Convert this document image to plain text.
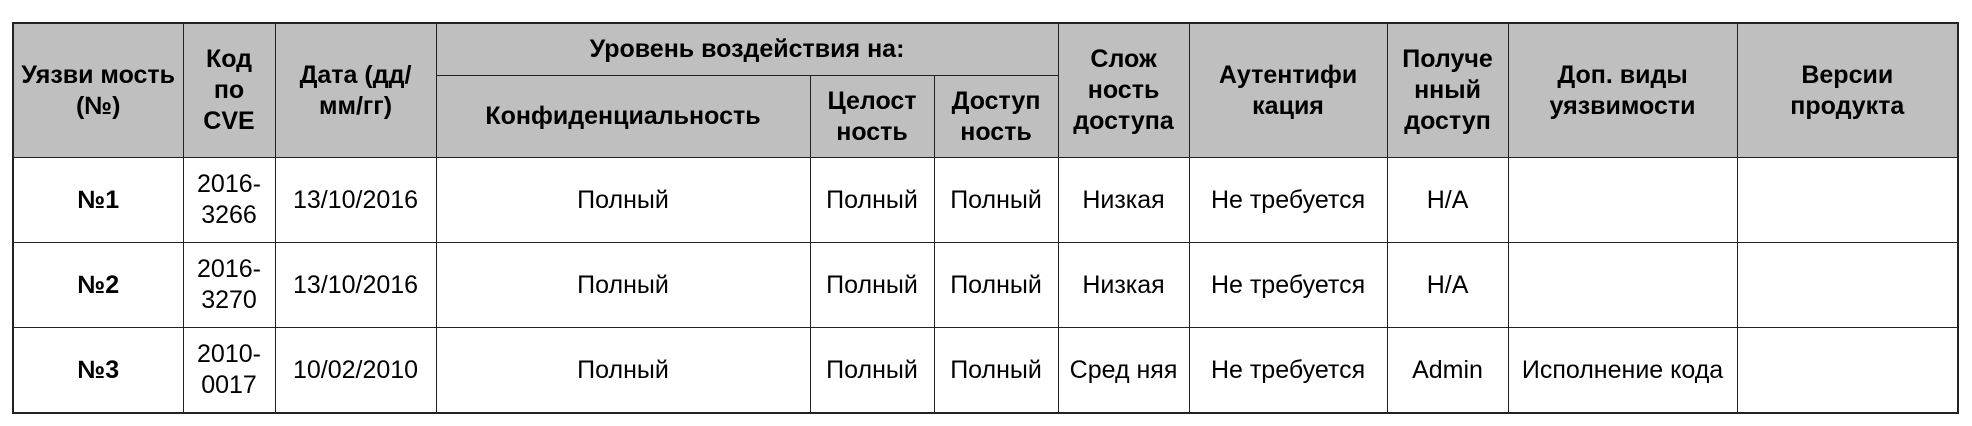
Уязви мость (№)	Код по CVE	Дата (дд/ мм/гг)	Уровень воздействия на:			Слож ность доступа	Аутентифи кация	Получе нный доступ	Доп. виды уязвимости	Версии продукта
			Конфиденциальность	Целост ность	Доступ ность					
№1	2016-3266	13/10/2016	Полный	Полный	Полный	Низкая	Не требуется	Н/А		
№2	2016-3270	13/10/2016	Полный	Полный	Полный	Низкая	Не требуется	Н/А		
№3	2010-0017	10/02/2010	Полный	Полный	Полный	Сред няя	Не требуется	Admin	Исполнение кода	
